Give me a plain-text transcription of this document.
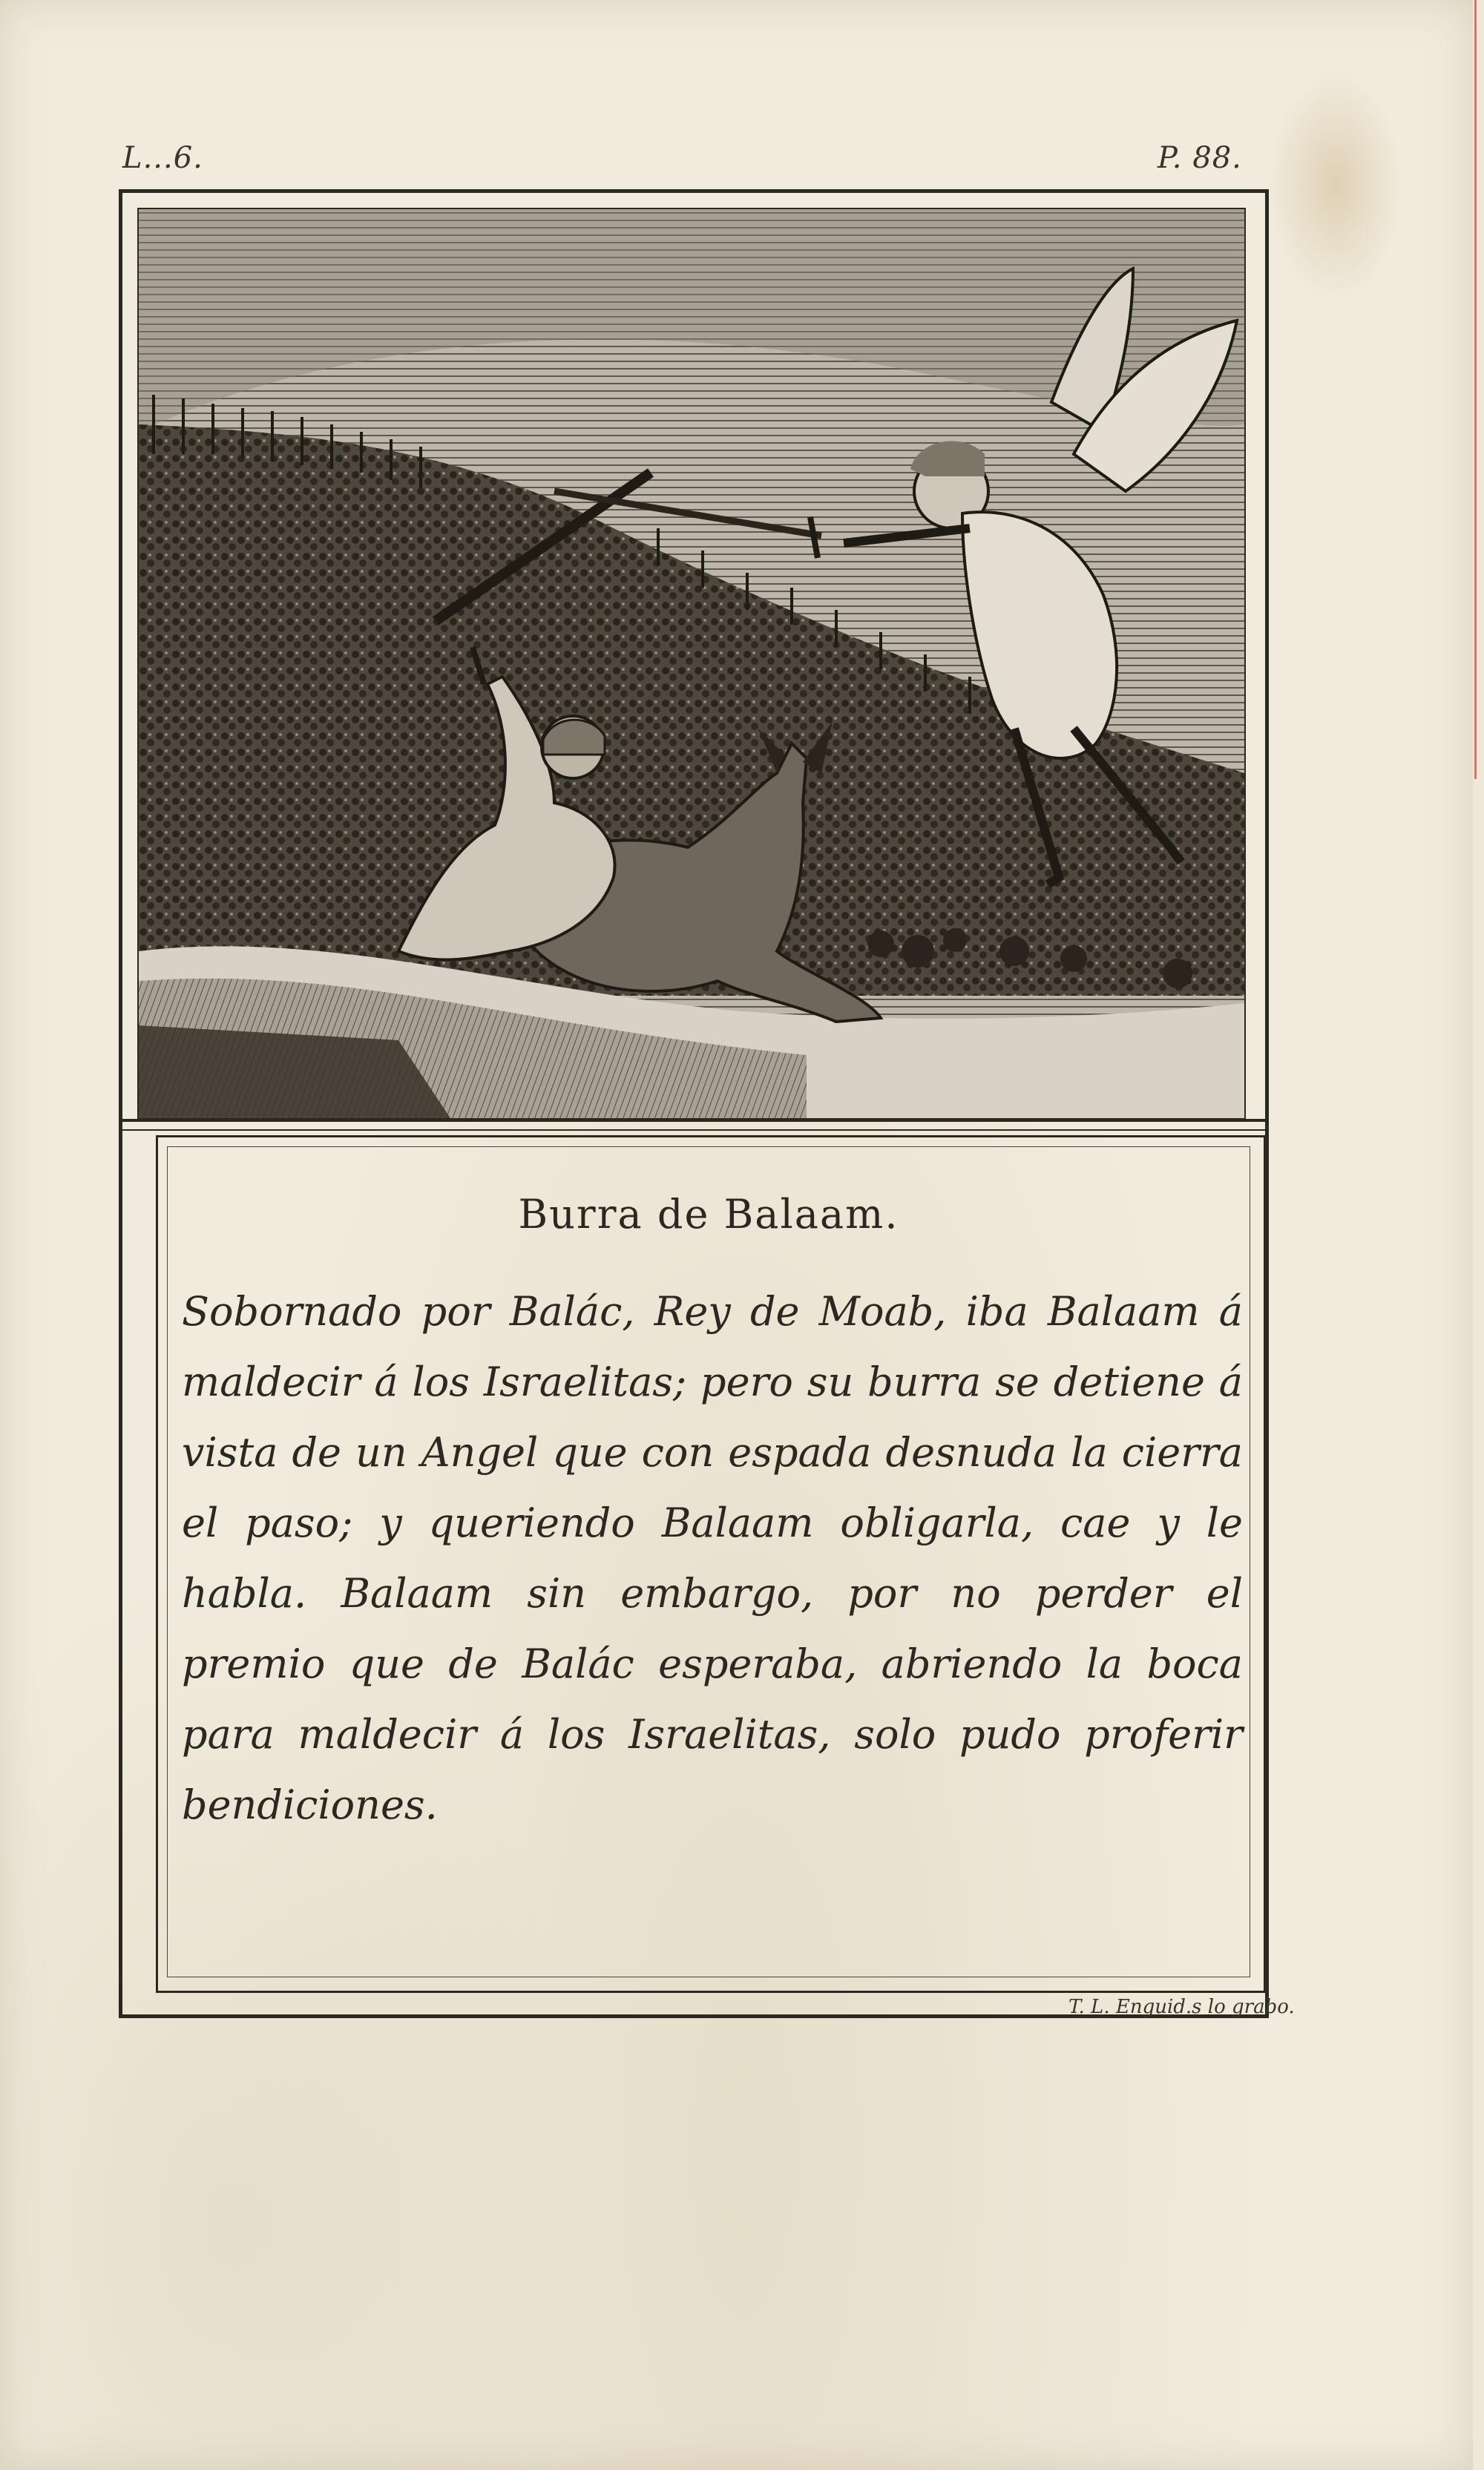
L...6.	P. 88.
Burra de Balaam.
Sobornado por Balác, Rey de Moab, iba Balaam á maldecir á los Israelitas; pero su burra se detiene á vista de un Angel que con espada desnuda la cierra el paso; y queriendo Balaam obligarla, cae y le habla. Balaam sin embargo, por no perder el premio que de Balác esperaba, abriendo la boca para maldecir á los Israelitas, solo pudo proferir bendiciones.
T. L. Enguid.s lo grabo.
